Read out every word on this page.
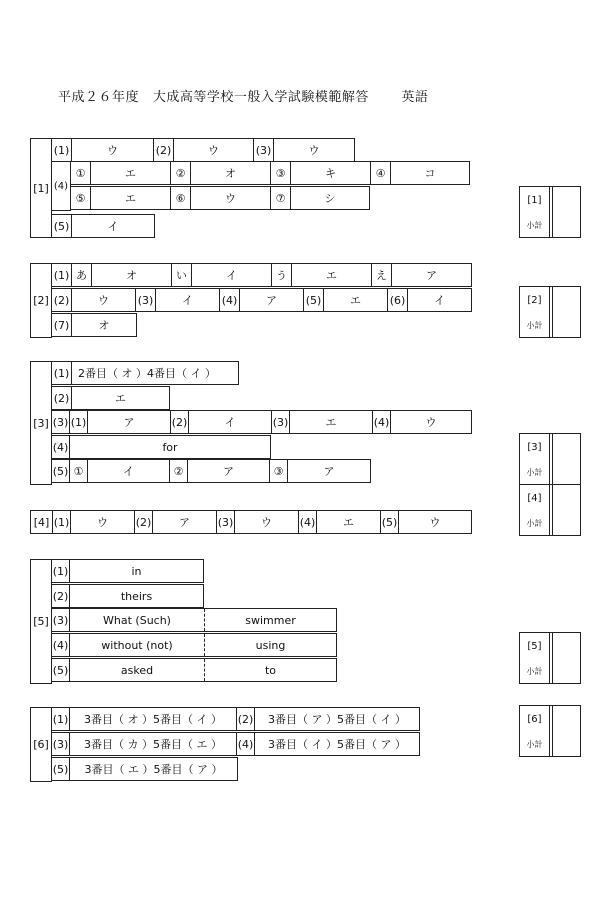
平成２６年度 大成高等学校一般入学試験模範解答 英語
[1]
(1)	ウ	(2)	ウ	(3)	ウ
(4)
①	エ	②	オ	③	キ	④	コ
⑤	エ	⑥	ウ	⑦	シ
(5)	イ
[1]
小計
[2]
(1) あ	オ	い	イ	う	エ	え	ア
(2)	ウ	(3)	イ	(4)	ア	(5)	エ	(6)	イ
(7)	オ
[2]
小計
[3]
(1) 2番目（ オ ）4番目（ イ ）
(2)	エ
(3) (1)	ア	(2)	イ	(3)	エ	(4)	ウ
(4)	for
(5) ①	イ	②	ア	③	ア
[3]
小計
[4] (1)	ウ	(2)	ア	(3)	ウ	(4)	エ	(5)	ウ
[4]
小計
[5]
(1)	in
(2)	theirs
(3)	What (Such)	swimmer
(4)	without (not)	using
(5)	asked	to
[5]
小計
[6]
(1)	3番目（ オ ）5番目（ イ ）	(2)	3番目（ ア ）5番目（ イ ）
(3)	3番目（ カ ）5番目（ エ ）	(4)	3番目（ イ ）5番目（ ア ）
(5)	3番目（ エ ）5番目（ ア ）
[6]
小計
